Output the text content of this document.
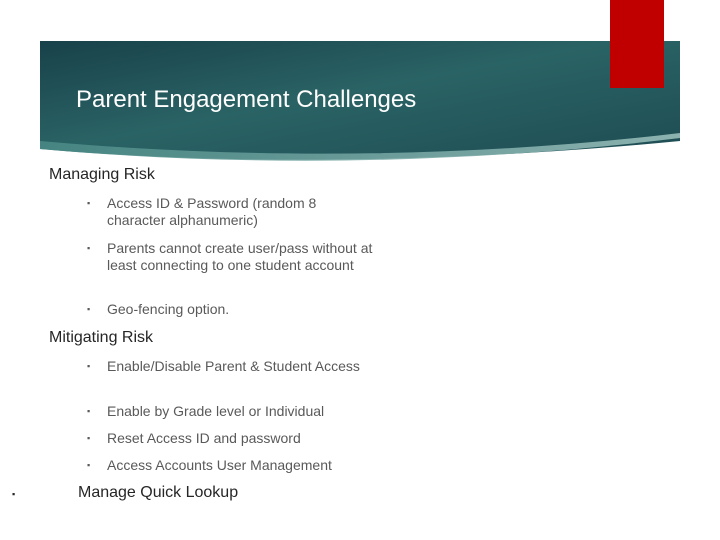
Parent Engagement Challenges
Managing Risk
▪ Access ID & Password (random 8 character alphanumeric)
▪ Parents cannot create user/pass without at least connecting to one student account
▪ Geo-fencing option.
Mitigating Risk
▪ Enable/Disable Parent & Student Access
▪ Enable by Grade level or Individual
▪ Reset Access ID and password
▪ Access Accounts User Management
▪	Manage Quick Lookup
